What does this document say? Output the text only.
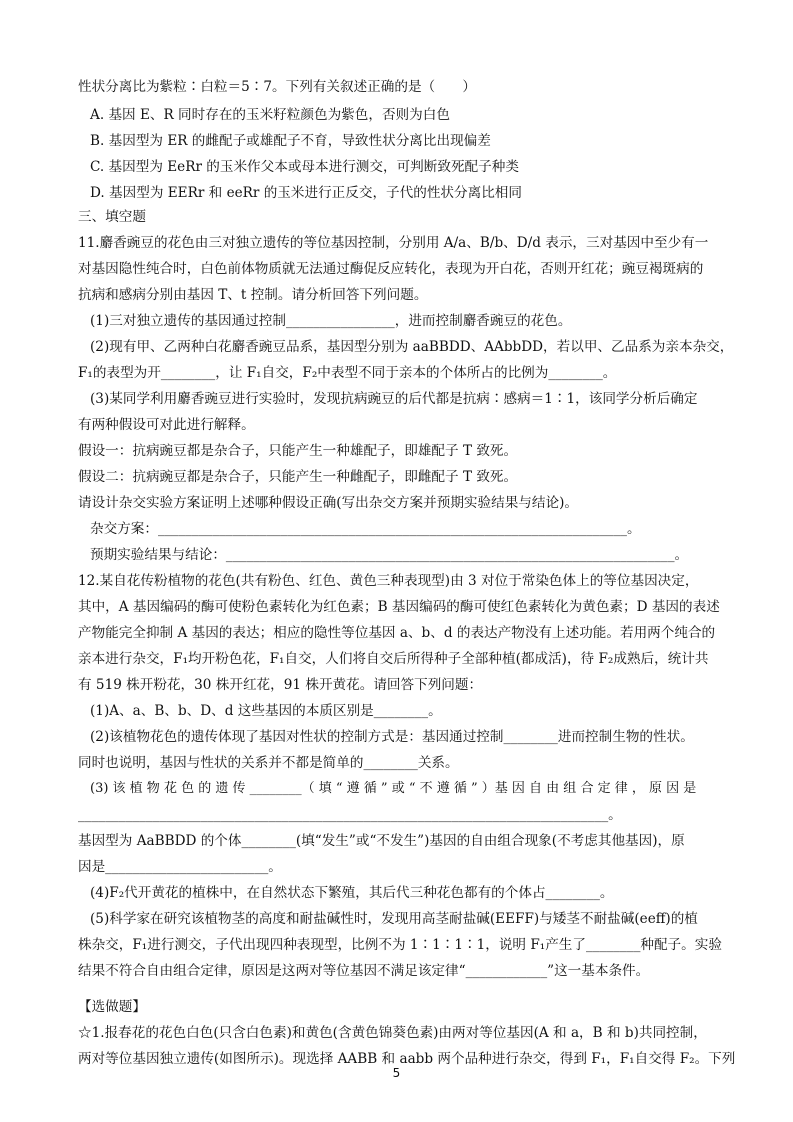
性状分离比为紫粒∶白粒＝5∶7。下列有关叙述正确的是（　　）
A. 基因 E、R 同时存在的玉米籽粒颜色为紫色，否则为白色
B. 基因型为 ER 的雌配子或雄配子不育，导致性状分离比出现偏差
C. 基因型为 EeRr 的玉米作父本或母本进行测交，可判断致死配子种类
D. 基因型为 EERr 和 eeRr 的玉米进行正反交，子代的性状分离比相同
三、填空题
11.麝香豌豆的花色由三对独立遗传的等位基因控制，分别用 A/a、B/b、D/d 表示，三对基因中至少有一
对基因隐性纯合时，白色前体物质就无法通过酶促反应转化，表现为开白花，否则开红花；豌豆褐斑病的
抗病和感病分别由基因 T、t 控制。请分析回答下列问题。
(1)三对独立遗传的基因通过控制________________，进而控制麝香豌豆的花色。
(2)现有甲、乙两种白花麝香豌豆品系，基因型分别为 aaBBDD、AAbbDD，若以甲、乙品系为亲本杂交，
F₁的表型为开________，让 F₁自交，F₂中表型不同于亲本的个体所占的比例为________。
(3)某同学利用麝香豌豆进行实验时，发现抗病豌豆的后代都是抗病∶感病＝1∶1，该同学分析后确定
有两种假设可对此进行解释。
假设一：抗病豌豆都是杂合子，只能产生一种雄配子，即雄配子 T 致死。
假设二：抗病豌豆都是杂合子，只能产生一种雌配子，即雌配子 T 致死。
请设计杂交实验方案证明上述哪种假设正确(写出杂交方案并预期实验结果与结论)。
杂交方案：_____________________________________________________________________。
预期实验结果与结论：__________________________________________________________________。
12.某自花传粉植物的花色(共有粉色、红色、黄色三种表现型)由 3 对位于常染色体上的等位基因决定，
其中，A 基因编码的酶可使粉色素转化为红色素；B 基因编码的酶可使红色素转化为黄色素；D 基因的表述
产物能完全抑制 A 基因的表达；相应的隐性等位基因 a、b、d 的表达产物没有上述功能。若用两个纯合的
亲本进行杂交，F₁均开粉色花，F₁自交，人们将自交后所得种子全部种植(都成活)，待 F₂成熟后，统计共
有 519 株开粉花，30 株开红花，91 株开黄花。请回答下列问题：
(1)A、a、B、b、D、d 这些基因的本质区别是________。
(2)该植物花色的遗传体现了基因对性状的控制方式是：基因通过控制________进而控制生物的性状。
同时也说明，基因与性状的关系并不都是简单的________关系。
(3) 该 植 物 花 色 的 遗 传 ________（ 填 “ 遵 循 ” 或 “ 不 遵 循 ” ）基 因 自 由 组 合 定 律 ， 原 因 是
______________________________________________________________________________。
基因型为 AaBBDD 的个体________(填“发生”或“不发生”)基因的自由组合现象(不考虑其他基因)，原
因是________________________。
(4)F₂代开黄花的植株中，在自然状态下繁殖，其后代三种花色都有的个体占________。
(5)科学家在研究该植物茎的高度和耐盐碱性时，发现用高茎耐盐碱(EEFF)与矮茎不耐盐碱(eeff)的植
株杂交，F₁进行测交，子代出现四种表现型，比例不为 1∶1∶1∶1，说明 F₁产生了________种配子。实验
结果不符合自由组合定律，原因是这两对等位基因不满足该定律“____________”这一基本条件。
【选做题】
☆1.报春花的花色白色(只含白色素)和黄色(含黄色锦葵色素)由两对等位基因(A 和 a，B 和 b)共同控制，
两对等位基因独立遗传(如图所示)。现选择 AABB 和 aabb 两个品种进行杂交，得到 F₁，F₁自交得 F₂。下列
5
